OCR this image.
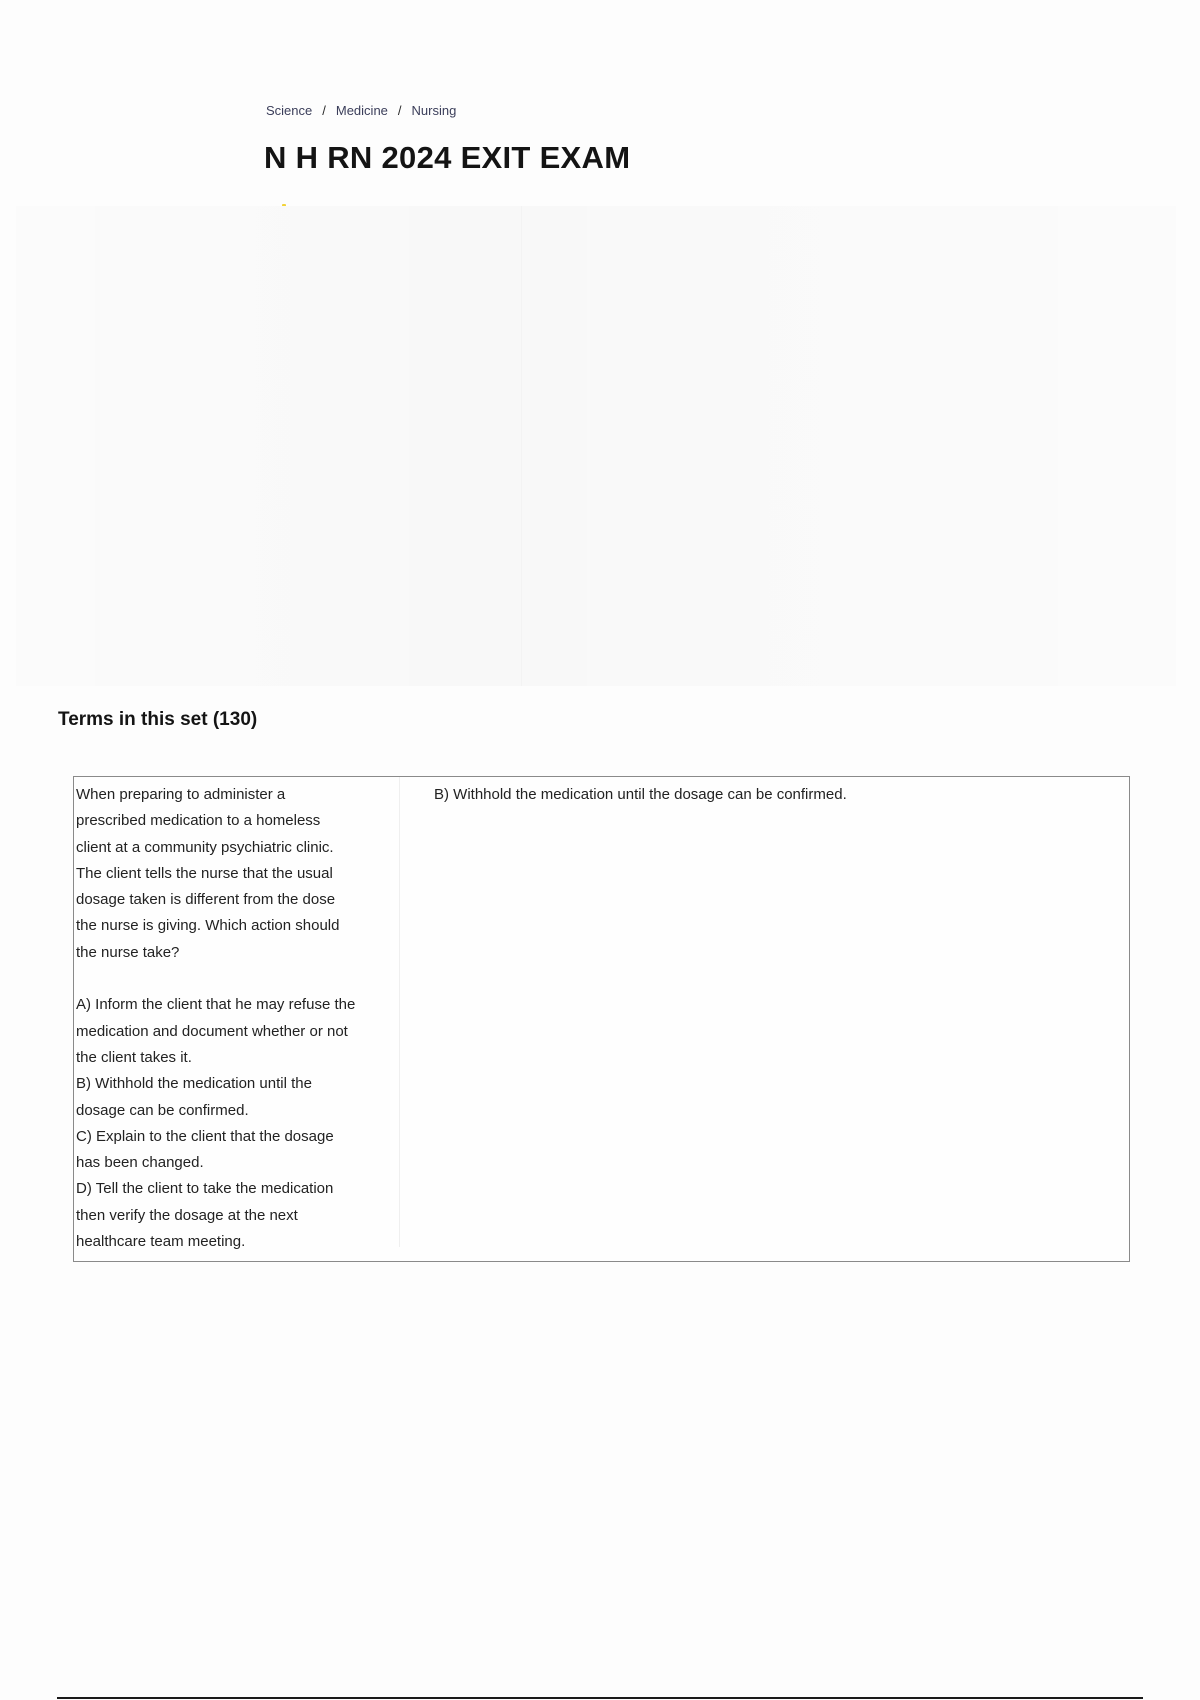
Science / Medicine / Nursing
N H RN 2024 EXIT EXAM
Terms in this set (130)
When preparing to administer a
prescribed medication to a homeless
client at a community psychiatric clinic.
The client tells the nurse that the usual
dosage taken is different from the dose
the nurse is giving. Which action should
the nurse take?

A) Inform the client that he may refuse the
medication and document whether or not
the client takes it.
B) Withhold the medication until the
dosage can be confirmed.
C) Explain to the client that the dosage
has been changed.
D) Tell the client to take the medication
then verify the dosage at the next
healthcare team meeting.
B) Withhold the medication until the dosage can be confirmed.
